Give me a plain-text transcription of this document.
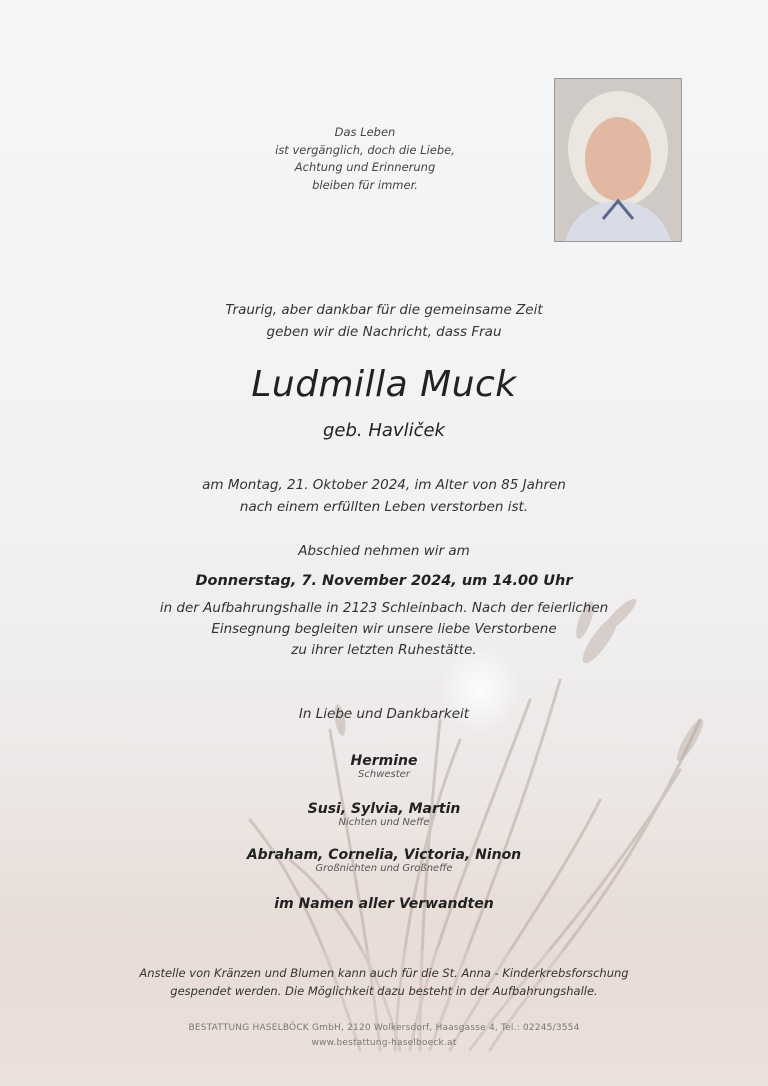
Das Leben
ist vergänglich, doch die Liebe,
Achtung und Erinnerung
bleiben für immer.
Traurig, aber dankbar für die gemeinsame Zeit
geben wir die Nachricht, dass Frau
Ludmilla Muck
geb. Havliček
am Montag, 21. Oktober 2024, im Alter von 85 Jahren
nach einem erfüllten Leben verstorben ist.
Abschied nehmen wir am
Donnerstag, 7. November 2024, um 14.00 Uhr
in der Aufbahrungshalle in 2123 Schleinbach. Nach der feierlichen
Einsegnung begleiten wir unsere liebe Verstorbene
zu ihrer letzten Ruhestätte.
In Liebe und Dankbarkeit
Hermine
Schwester
Susi, Sylvia, Martin
Nichten und Neffe
Abraham, Cornelia, Victoria, Ninon
Großnichten und Großneffe
im Namen aller Verwandten
Anstelle von Kränzen und Blumen kann auch für die St. Anna - Kinderkrebsforschung
gespendet werden. Die Möglichkeit dazu besteht in der Aufbahrungshalle.
BESTATTUNG HASELBÖCK GmbH, 2120 Wolkersdorf, Haasgasse 4, Tel.: 02245/3554
www.bestattung-haselboeck.at
